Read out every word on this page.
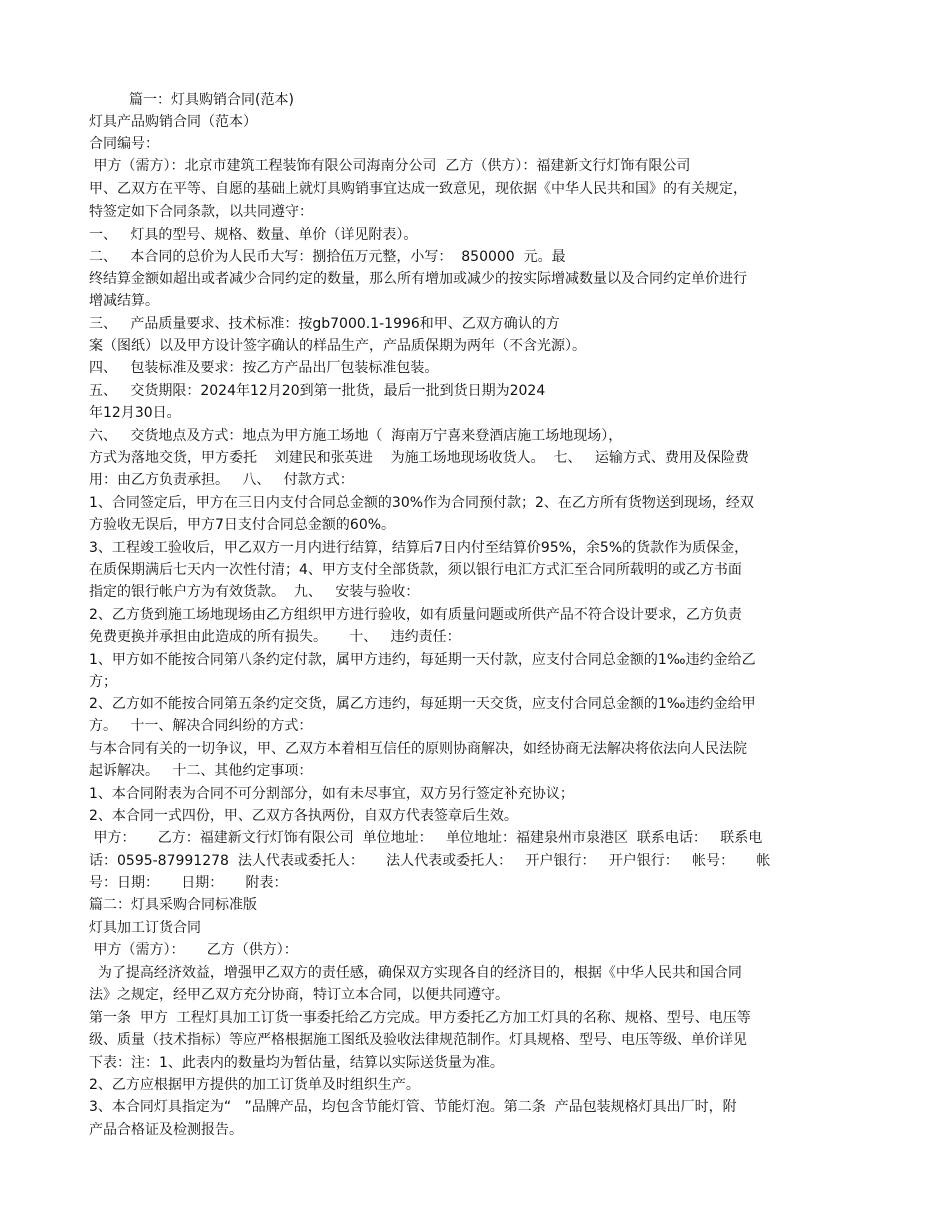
篇一：灯具购销合同(范本)
灯具产品购销合同（范本）
合同编号：
甲方（需方）：北京市建筑工程装饰有限公司海南分公司  乙方（供方）：福建新文行灯饰有限公司
甲、乙双方在平等、自愿的基础上就灯具购销事宜达成一致意见，现依据《中华人民共和国》的有关规定，
特签定如下合同条款，以共同遵守：
一、   灯具的型号、规格、数量、单价（详见附表）。
二、   本合同的总价为人民币大写：捌拾伍万元整，小写：  850000  元。最
终结算金额如超出或者减少合同约定的数量，那么所有增加或减少的按实际增减数量以及合同约定单价进行
增减结算。
三、   产品质量要求、技术标准：按gb7000.1-1996和甲、乙双方确认的方
案（图纸）以及甲方设计签字确认的样品生产，产品质保期为两年（不含光源）。
四、   包装标准及要求：按乙方产品出厂包装标准包装。
五、   交货期限：2024年12月20到第一批货，最后一批到货日期为2024
年12月30日。
六、   交货地点及方式：地点为甲方施工场地（  海南万宁喜来登酒店施工场地现场），
方式为落地交货，甲方委托    刘建民和张英进    为施工场地现场收货人。  七、   运输方式、费用及保险费
用：由乙方负责承担。   八、   付款方式：
1、合同签定后，甲方在三日内支付合同总金额的30%作为合同预付款；2、在乙方所有货物送到现场，经双
方验收无误后，甲方7日支付合同总金额的60%。
3、工程竣工验收后，甲乙双方一月内进行结算，结算后7日内付至结算价95%，余5%的货款作为质保金，
在质保期满后七天内一次性付清；4、甲方支付全部货款，须以银行电汇方式汇至合同所载明的或乙方书面
指定的银行帐户方为有效货款。  九、   安装与验收：
2、乙方货到施工场地现场由乙方组织甲方进行验收，如有质量问题或所供产品不符合设计要求，乙方负责
免费更换并承担由此造成的所有损失。     十、   违约责任：
1、甲方如不能按合同第八条约定付款，属甲方违约，每延期一天付款，应支付合同总金额的1‰违约金给乙
方；
2、乙方如不能按合同第五条约定交货，属乙方违约，每延期一天交货，应支付合同总金额的1‰违约金给甲
方。   十一、解决合同纠纷的方式：
与本合同有关的一切争议，甲、乙双方本着相互信任的原则协商解决，如经协商无法解决将依法向人民法院
起诉解决。   十二、其他约定事项：
1、本合同附表为合同不可分割部分，如有未尽事宜，双方另行签定补充协议；
2、本合同一式四份，甲、乙双方各执两份，自双方代表签章后生效。
甲方：     乙方：福建新文行灯饰有限公司  单位地址：   单位地址：福建泉州市泉港区  联系电话：   联系电
话：0595-87991278  法人代表或委托人：     法人代表或委托人：   开户银行：   开户银行：   帐号：     帐
号：日期：     日期：     附表：
篇二：灯具采购合同标准版
灯具加工订货合同
甲方（需方）：     乙方（供方）：
为了提高经济效益，增强甲乙双方的责任感，确保双方实现各自的经济目的，根据《中华人民共和国合同
法》之规定，经甲乙双方充分协商，特订立本合同，以便共同遵守。
第一条  甲方  工程灯具加工订货一事委托给乙方完成。甲方委托乙方加工灯具的名称、规格、型号、电压等
级、质量（技术指标）等应严格根据施工图纸及验收法律规范制作。灯具规格、型号、电压等级、单价详见
下表：注：1、此表内的数量均为暂估量，结算以实际送货量为准。
2、乙方应根据甲方提供的加工订货单及时组织生产。
3、本合同灯具指定为“   ”品牌产品，均包含节能灯管、节能灯泡。第二条  产品包装规格灯具出厂时，附
产品合格证及检测报告。
